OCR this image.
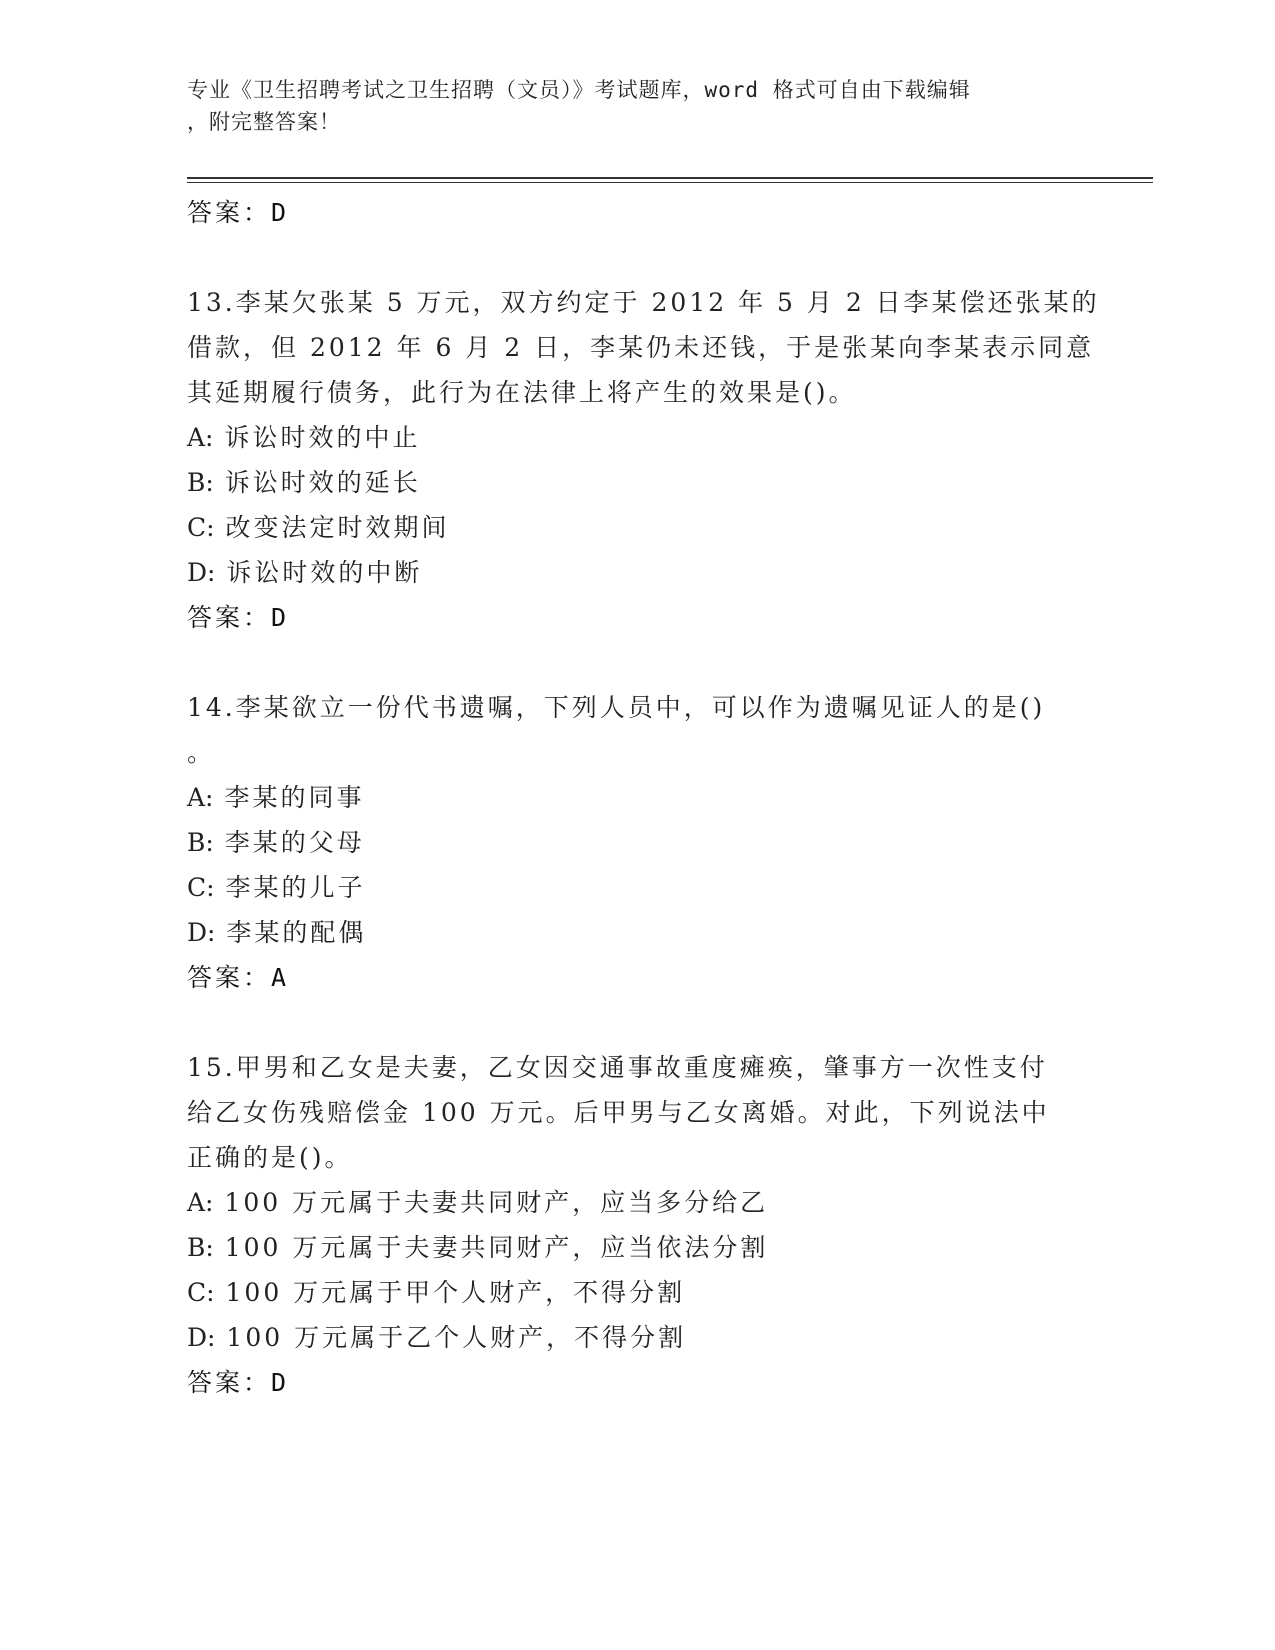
专业《卫生招聘考试之卫生招聘（文员）》考试题库，word 格式可自由下载编辑
，附完整答案！
答案：D
13.李某欠张某 5 万元，双方约定于 2012 年 5 月 2 日李某偿还张某的
借款，但 2012 年 6 月 2 日，李某仍未还钱，于是张某向李某表示同意
其延期履行债务，此行为在法律上将产生的效果是()。
A: 诉讼时效的中止
B: 诉讼时效的延长
C: 改变法定时效期间
D: 诉讼时效的中断
答案：D
14.李某欲立一份代书遗嘱，下列人员中，可以作为遗嘱见证人的是()
。
A: 李某的同事
B: 李某的父母
C: 李某的儿子
D: 李某的配偶
答案：A
15.甲男和乙女是夫妻，乙女因交通事故重度瘫痪，肇事方一次性支付
给乙女伤残赔偿金 100 万元。后甲男与乙女离婚。对此，下列说法中
正确的是()。
A: 100 万元属于夫妻共同财产，应当多分给乙
B: 100 万元属于夫妻共同财产，应当依法分割
C: 100 万元属于甲个人财产，不得分割
D: 100 万元属于乙个人财产，不得分割
答案：D
